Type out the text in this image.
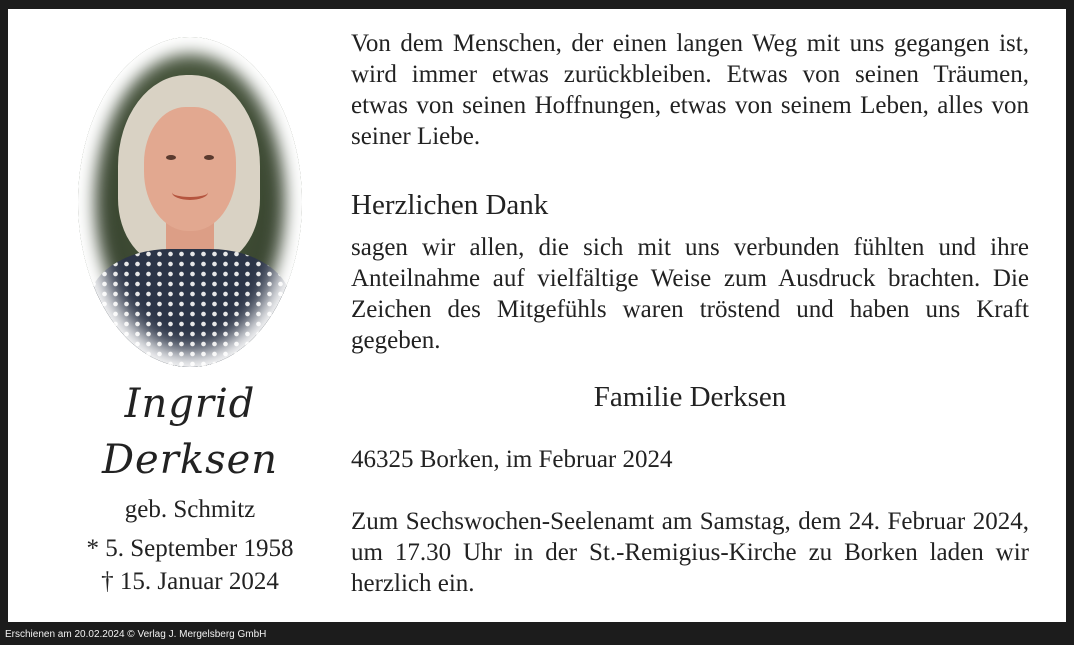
Ingrid
Derksen
geb. Schmitz
* 5. September 1958
† 15. Januar 2024
Von dem Menschen, der einen langen Weg mit uns gegangen ist, wird immer etwas zurückbleiben. Etwas von seinen Träumen, etwas von seinen Hoffnungen, etwas von seinem Leben, alles von seiner Liebe.
Herzlichen Dank
sagen wir allen, die sich mit uns verbunden fühlten und ihre Anteilnahme auf vielfältige Weise zum Ausdruck brachten. Die Zeichen des Mitgefühls waren tröstend und haben uns Kraft gegeben.
Familie Derksen
46325 Borken, im Februar 2024
Zum Sechswochen-Seelenamt am Samstag, dem 24. Februar 2024, um 17.30 Uhr in der St.-Remigius-Kirche zu Borken laden wir herzlich ein.
Erschienen am 20.02.2024 © Verlag J. Mergelsberg GmbH
